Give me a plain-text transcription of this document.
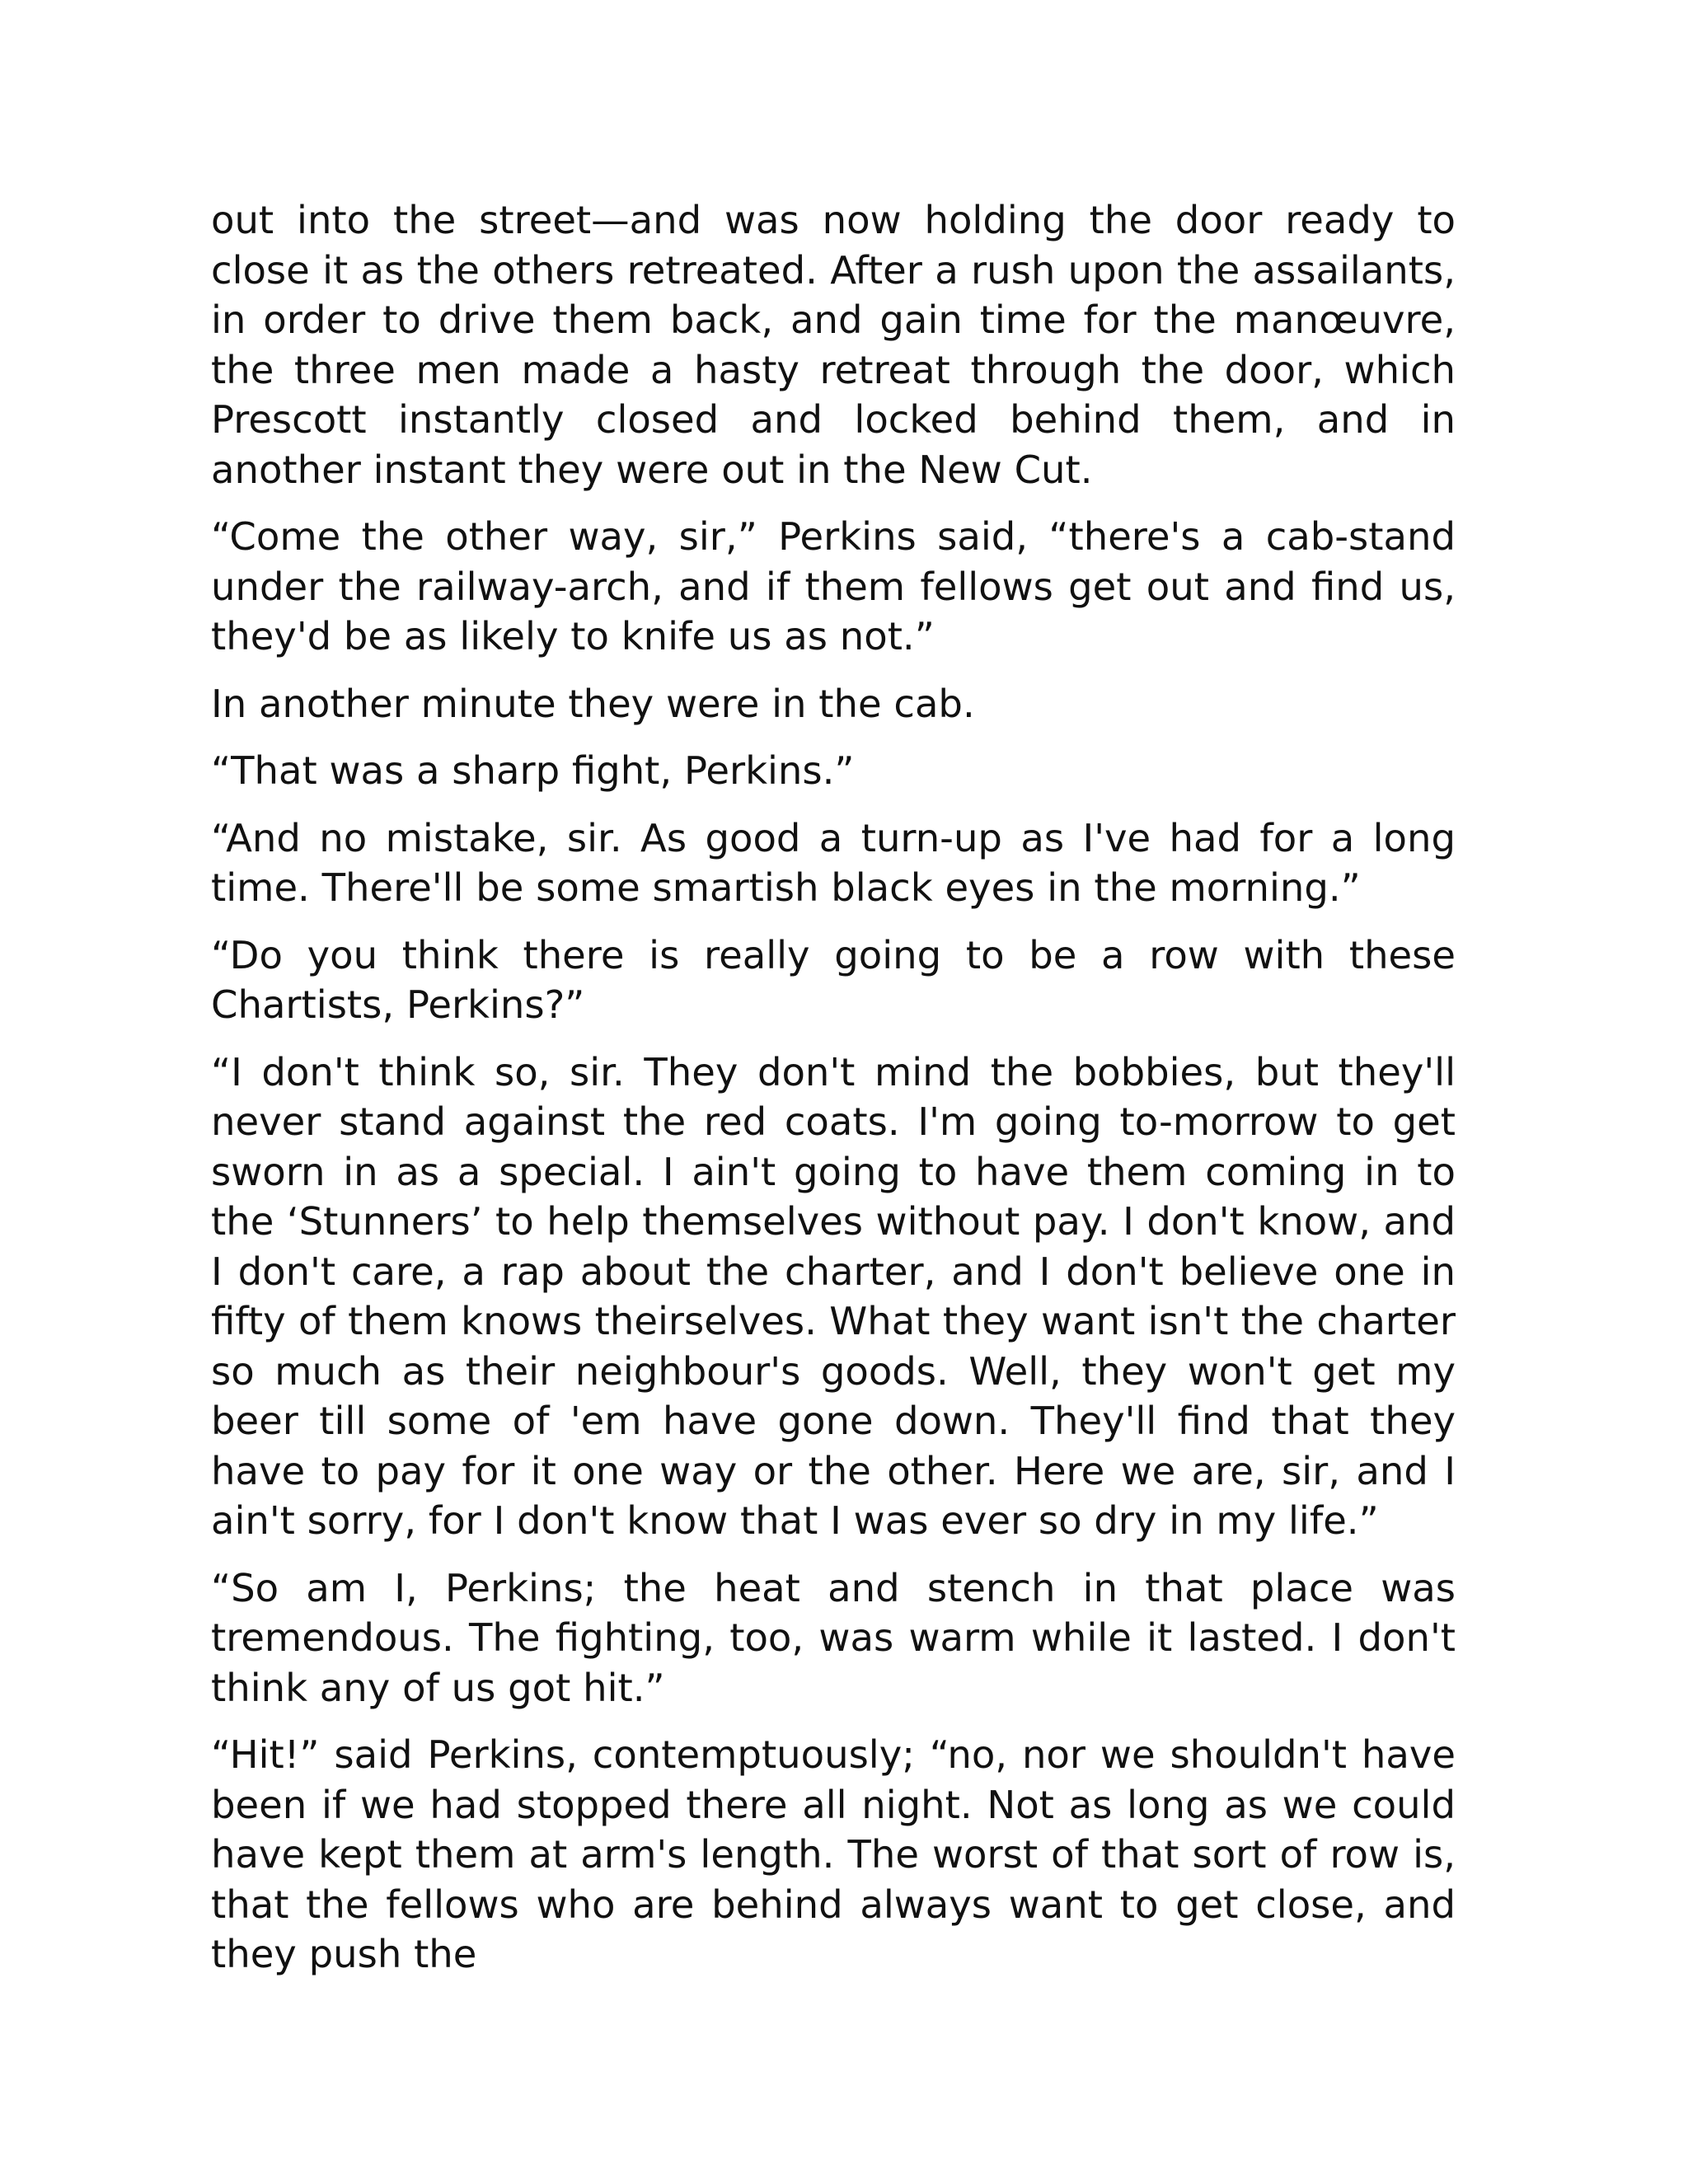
out into the street—and was now holding the door ready to close it as the others retreated. After a rush upon the assailants, in order to drive them back, and gain time for the manœuvre, the three men made a hasty retreat through the door, which Prescott instantly closed and locked behind them, and in another instant they were out in the New Cut.

“Come the other way, sir,” Perkins said, “there's a cab-stand under the railway-arch, and if them fellows get out and find us, they'd be as likely to knife us as not.”

In another minute they were in the cab.

“That was a sharp fight, Perkins.”

“And no mistake, sir. As good a turn-up as I've had for a long time. There'll be some smartish black eyes in the morning.”

“Do you think there is really going to be a row with these Chartists, Perkins?”

“I don't think so, sir. They don't mind the bobbies, but they'll never stand against the red coats. I'm going to-morrow to get sworn in as a special. I ain't going to have them coming in to the ‘Stunners’ to help themselves without pay. I don't know, and I don't care, a rap about the charter, and I don't believe one in fifty of them knows theirselves. What they want isn't the charter so much as their neighbour's goods. Well, they won't get my beer till some of 'em have gone down. They'll find that they have to pay for it one way or the other. Here we are, sir, and I ain't sorry, for I don't know that I was ever so dry in my life.”

“So am I, Perkins; the heat and stench in that place was tremendous. The fighting, too, was warm while it lasted. I don't think any of us got hit.”

“Hit!” said Perkins, contemptuously; “no, nor we shouldn't have been if we had stopped there all night. Not as long as we could have kept them at arm's length. The worst of that sort of row is, that the fellows who are behind always want to get close, and they push the
